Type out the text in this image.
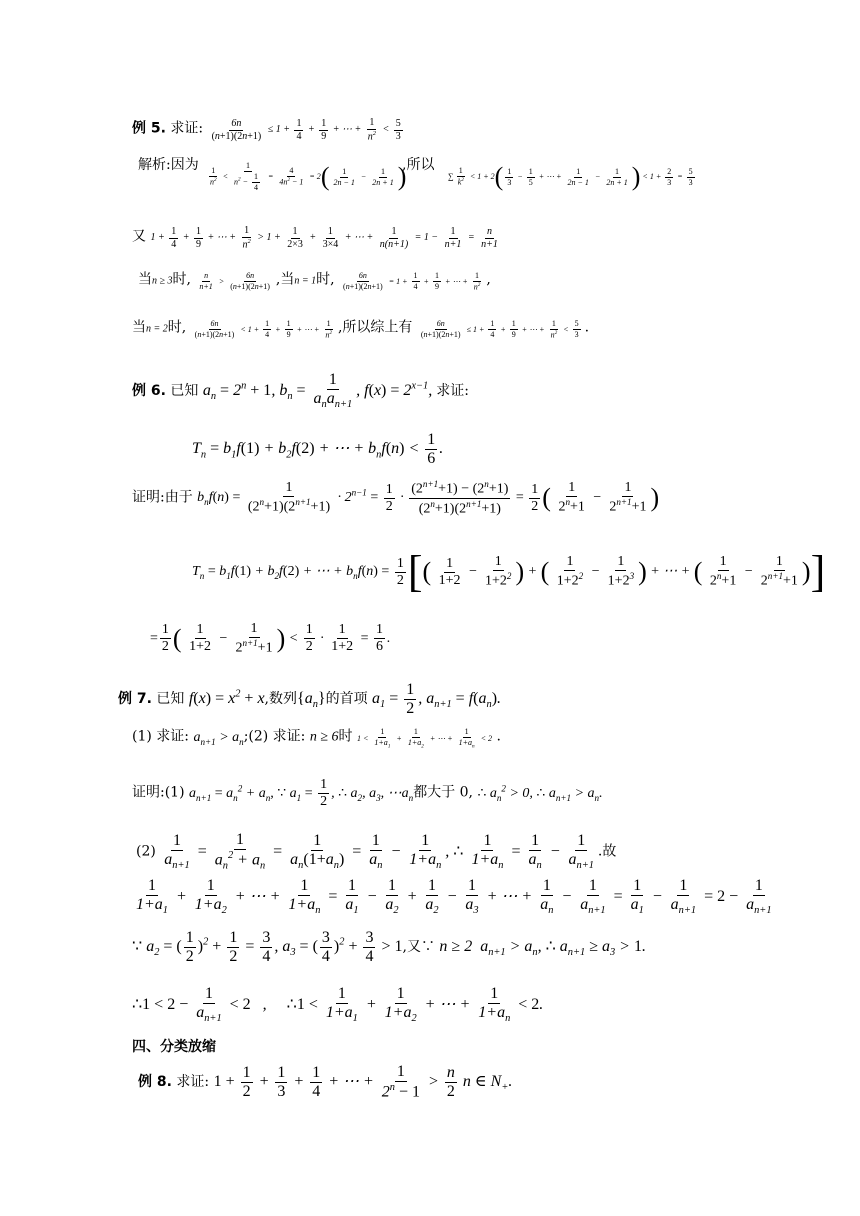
例 5. 求证: $\frac{6n}{(n+1)(2n+1)} \le 1 + \frac{1}{4} + \frac{1}{9}$ + ⋯ + $\frac{1}{n^2} < \frac{5}{3}$
解析:因为
$\frac{1}{n^2} < \frac{1}{n^2 - \frac{1}{4}} = \frac{4}{4n^2 - 1} = 2( \frac{1}{2n - 1} - \frac{1}{2n + 1}$ )
,所以
∑ $\frac{1}{k^2} < 1 + 2( \frac{1}{3} - \frac{1}{5}$ + ⋯ + $\frac{1}{2n - 1} - \frac{1}{2n + 1}$ ) < $1 + \frac{2}{3} = \frac{5}{3}$
又 $1 + \frac{1}{4} + \frac{1}{9}$ + ⋯ + $\frac{1}{n^2} > 1 + \frac{1}{2\times 3} + \frac{1}{3\times 4}$ + ⋯ + $\frac{1}{n(n+1)} = 1 - \frac{1}{n+1} = \frac{n}{n+1}$
当n ≥ 3时, $\frac{n}{n+1} > \frac{6n}{(n+1)(2n+1)}$ ,当n = 1时, $\frac{6n}{(n+1)(2n+1)} = 1 + \frac{1}{4} + \frac{1}{9}$ + ⋯ + $\frac{1}{n^2}$ ,
当n = 2时, $\frac{6n}{(n+1)(2n+1)} < 1 + \frac{1}{4} + \frac{1}{9}$ + ⋯ + $\frac{1}{n^2}$ ,所以综上有 $\frac{6n}{(n+1)(2n+1)} \le 1 + \frac{1}{4} + \frac{1}{9}$ + ⋯ + $\frac{1}{n^2} < \frac{5}{3}$ .
例 6. 已知 $a_n = 2^n + 1$, $b_n$ =
1
$a_na_{n+1}$
, $f(x) = 2^{x-1}$, 求证:
$T_n = b_1f(1) + b_2f(2)$ + ⋯ + $b_nf(n) < \frac{1}{6}$ .
证明:由于 $b_nf(n) = \frac{1}{(2^n+1)(2^{n+1}+1)} \cdot 2^{n-1} = \frac{1}{2} \cdot \frac{(2^{n+1}+1) - (2^n+1)}{(2^n+1)(2^{n+1}+1)} = \frac{1}{2}$ ( $\frac{1}{2^n+1} - \frac{1}{2^{n+1}+1}$ )
$T_n = b_1f(1) + b_2f(2)$ + ⋯ + $b_nf(n) = \frac{1}{2}$ [( $\frac{1}{1+2} - \frac{1}{1+2^2}$ ) + ( $\frac{1}{1+2^2} - \frac{1}{1+2^3}$ ) + ⋯ + ( $\frac{1}{2^n+1} - \frac{1}{2^{n+1}+1}$ )]
= $\frac{1}{2}$ ( $\frac{1}{1+2} - \frac{1}{2^{n+1}+1}$ ) < $\frac{1}{2} \cdot \frac{1}{1+2} = \frac{1}{6}$ .
例 7. 已知 $f(x) = x^2 + x$,数列$\{a_n\}$的首项 $a_1 = \frac{1}{2}$ , $a_{n+1} = f(a_n)$.
(1) 求证: $a_{n+1}$ > $a_n;(2)$ 求证: n ≥ 6时 $1 < \frac{1}{1+a_1} + \frac{1}{1+a_2}$ + ⋯ + $\frac{1}{1+a_n} < 2$ .
证明:(1) $a_{n+1} = a_n^2 + a_n$, ∵ $a_1 = \frac{1}{2}$ , ∴ $a_2$, $a_3$, $\cdots a_n$都大于 0, ∴ $a_n^2 > 0$, ∴ $a_{n+1} > a_n$.
$(2) \frac{1}{a_{n+1}} = \frac{1}{a_n^2 + a_n} = \frac{1}{a_n(1+a_n)} = \frac{1}{a_n} - \frac{1}{1+a_n}$ , ∴ $\frac{1}{1+a_n} = \frac{1}{a_n} - \frac{1}{a_{n+1}}$ .故
$\frac{1}{1+a_1} + \frac{1}{1+a_2}$ + ⋯ + $\frac{1}{1+a_n} = \frac{1}{a_1} - \frac{1}{a_2} + \frac{1}{a_2} - \frac{1}{a_3}$ + ⋯ + $\frac{1}{a_n} - \frac{1}{a_{n+1}} = \frac{1}{a_1} - \frac{1}{a_{n+1}} = 2 - \frac{1}{a_{n+1}}$
∵ $a_2$ = ( $\frac{1}{2} )^2 + \frac{1}{2} = \frac{3}{4}$ , $a_3$ = ( $\frac{3}{4} )^2 + \frac{3}{4} > 1$,又∵ n ≥ 2  $a_{n+1} > a_n$, ∴ $a_{n+1} \ge a_3 > 1$.
∴1 < $2 - \frac{1}{a_{n+1}} < 2$   ,     ∴1 < $\frac{1}{1+a_1} + \frac{1}{1+a_2}$ + ⋯ + $\frac{1}{1+a_n} < 2$.
四、分类放缩
例 8. 求证: $1 + \frac{1}{2} + \frac{1}{3} + \frac{1}{4}$ + ⋯ + $\frac{1}{2^n - 1} > \frac{n}{2}$ n ∈ $N_+$.
